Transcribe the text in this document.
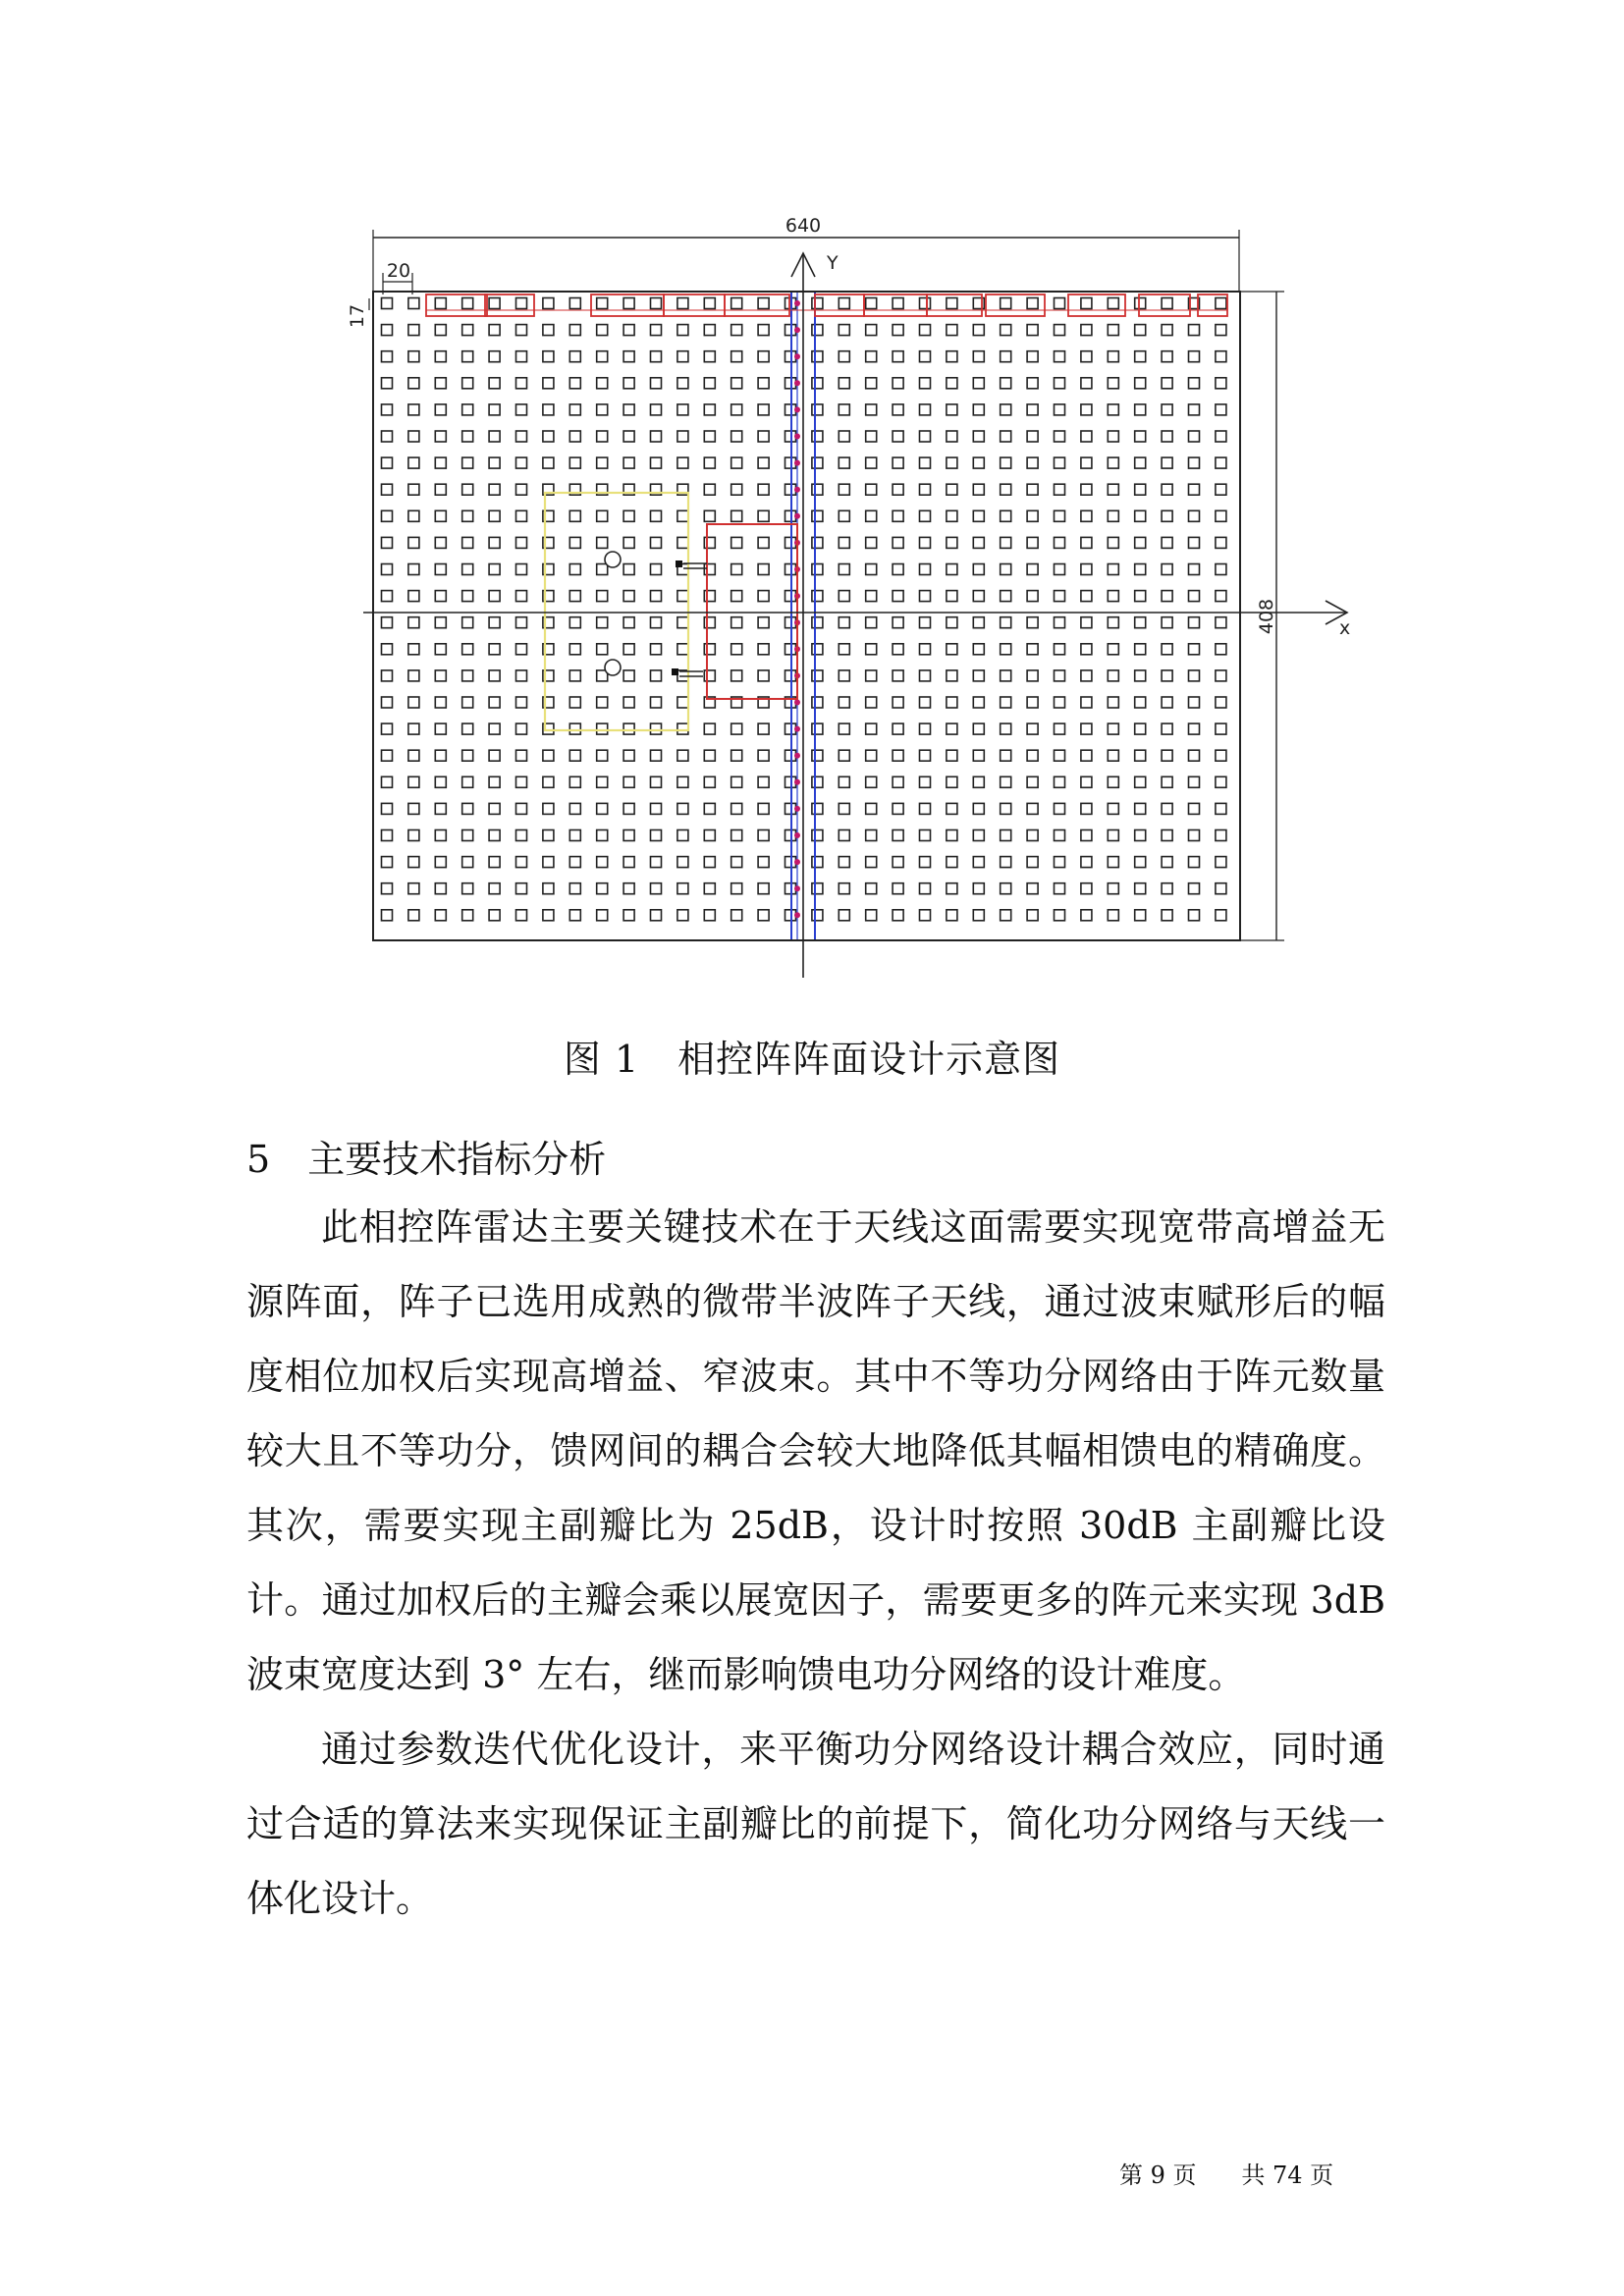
640
20
17
408
Y
x
图 1　相控阵阵面设计示意图
5 主要技术指标分析

此相控阵雷达主要关键技术在于天线这面需要实现宽带高增益无源阵面，阵子已选用成熟的微带半波阵子天线，通过波束赋形后的幅度相位加权后实现高增益、窄波束。其中不等功分网络由于阵元数量较大且不等功分，馈网间的耦合会较大地降低其幅相馈电的精确度。其次，需要实现主副瓣比为 25dB，设计时按照 30dB 主副瓣比设计。通过加权后的主瓣会乘以展宽因子，需要更多的阵元来实现 3dB 波束宽度达到 3° 左右，继而影响馈电功分网络的设计难度。

通过参数迭代优化设计，来平衡功分网络设计耦合效应，同时通过合适的算法来实现保证主副瓣比的前提下，简化功分网络与天线一体化设计。

第 9 页 共 74 页
